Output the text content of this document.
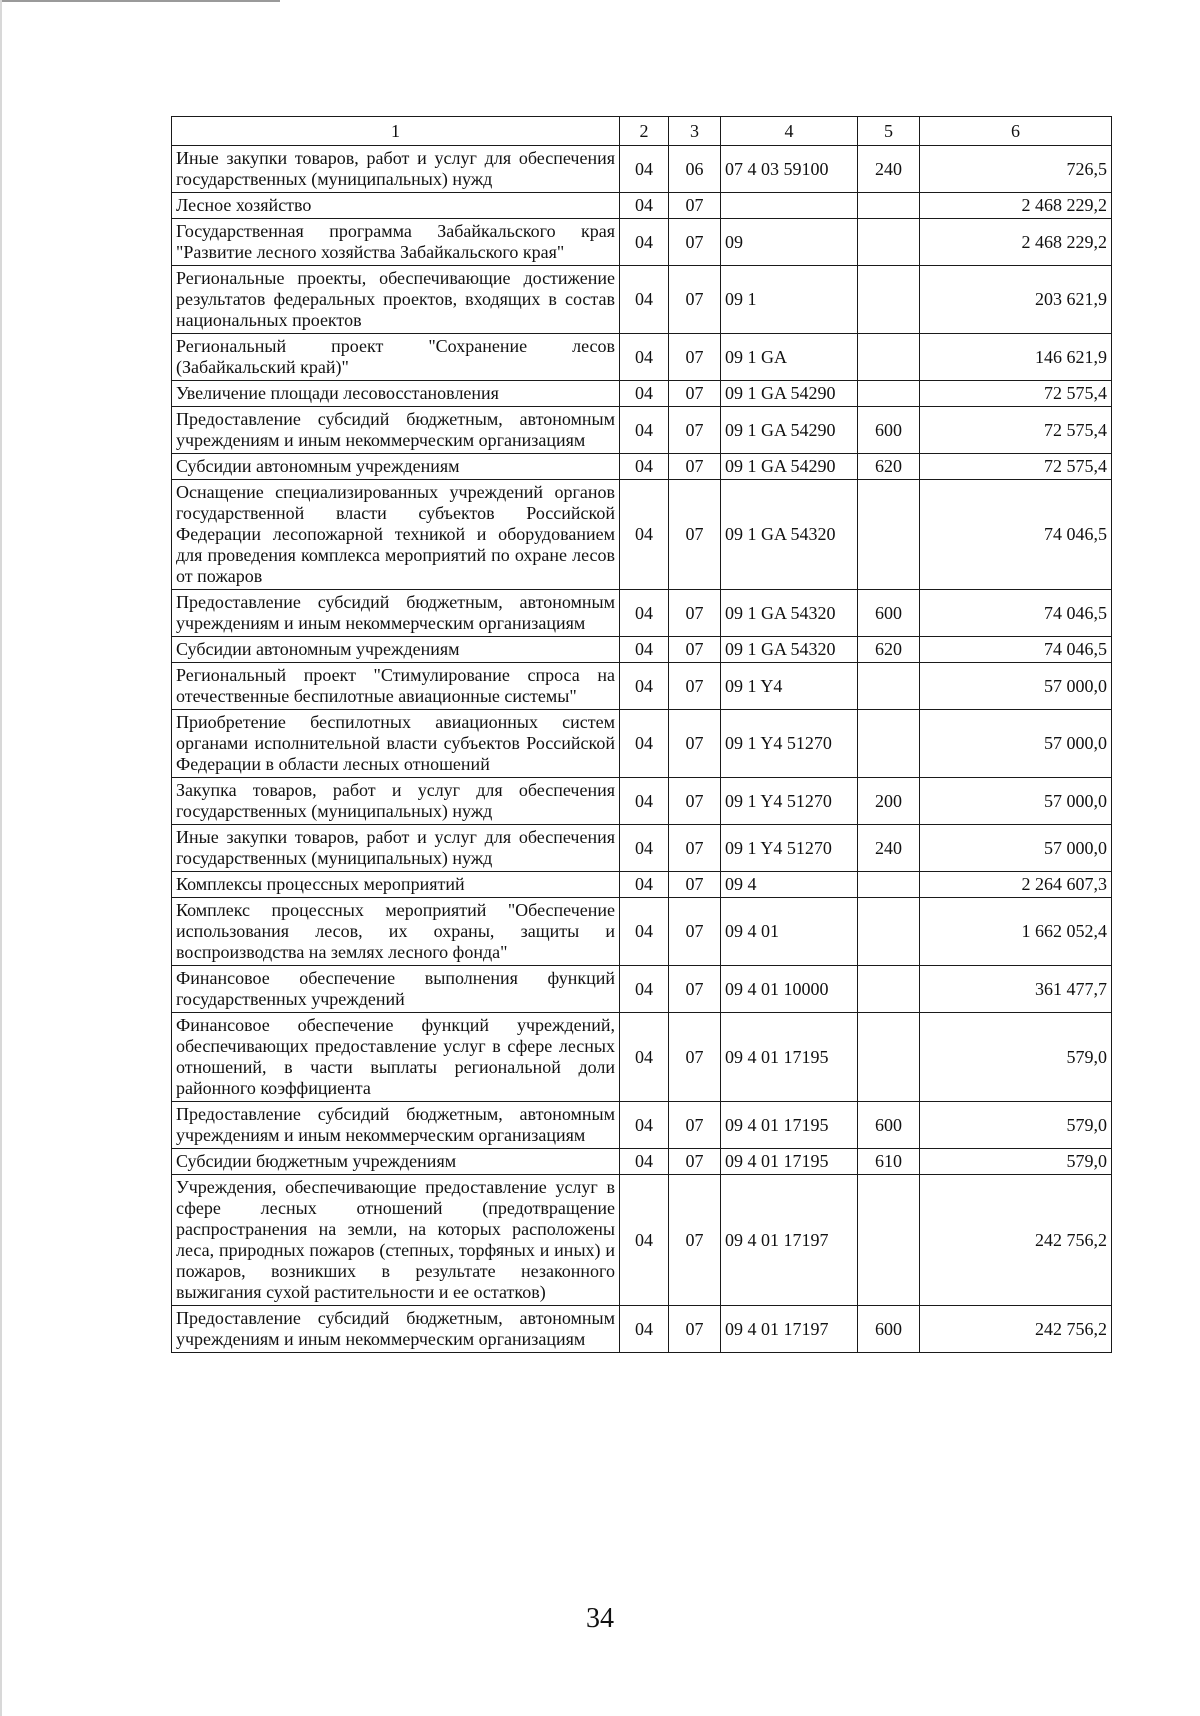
1	2	3	4	5	6
Иные закупки товаров, работ и услуг для обеспечения государственных (муниципальных) нужд	04	06	07 4 03 59100	240	726,5
Лесное хозяйство	04	07			2 468 229,2
Государственная программа Забайкальского края "Развитие лесного хозяйства Забайкальского края"	04	07	09		2 468 229,2
Региональные проекты, обеспечивающие достижение результатов федеральных проектов, входящих в состав национальных проектов	04	07	09 1		203 621,9
Региональный проект "Сохранение лесов (Забайкальский край)"	04	07	09 1 GA		146 621,9
Увеличение площади лесовосстановления	04	07	09 1 GA 54290		72 575,4
Предоставление субсидий бюджетным, автономным учреждениям и иным некоммерческим организациям	04	07	09 1 GA 54290	600	72 575,4
Субсидии автономным учреждениям	04	07	09 1 GA 54290	620	72 575,4
Оснащение специализированных учреждений органов государственной власти субъектов Российской Федерации лесопожарной техникой и оборудованием для проведения комплекса мероприятий по охране лесов от пожаров	04	07	09 1 GA 54320		74 046,5
Предоставление субсидий бюджетным, автономным учреждениям и иным некоммерческим организациям	04	07	09 1 GA 54320	600	74 046,5
Субсидии автономным учреждениям	04	07	09 1 GA 54320	620	74 046,5
Региональный проект "Стимулирование спроса на отечественные беспилотные авиационные системы"	04	07	09 1 Y4		57 000,0
Приобретение беспилотных авиационных систем органами исполнительной власти субъектов Российской Федерации в области лесных отношений	04	07	09 1 Y4 51270		57 000,0
Закупка товаров, работ и услуг для обеспечения государственных (муниципальных) нужд	04	07	09 1 Y4 51270	200	57 000,0
Иные закупки товаров, работ и услуг для обеспечения государственных (муниципальных) нужд	04	07	09 1 Y4 51270	240	57 000,0
Комплексы процессных мероприятий	04	07	09 4		2 264 607,3
Комплекс процессных мероприятий "Обеспечение использования лесов, их охраны, защиты и воспроизводства на землях лесного фонда"	04	07	09 4 01		1 662 052,4
Финансовое обеспечение выполнения функций государственных учреждений	04	07	09 4 01 10000		361 477,7
Финансовое обеспечение функций учреждений, обеспечивающих предоставление услуг в сфере лесных отношений, в части выплаты региональной доли районного коэффициента	04	07	09 4 01 17195		579,0
Предоставление субсидий бюджетным, автономным учреждениям и иным некоммерческим организациям	04	07	09 4 01 17195	600	579,0
Субсидии бюджетным учреждениям	04	07	09 4 01 17195	610	579,0
Учреждения, обеспечивающие предоставление услуг в сфере лесных отношений (предотвращение распространения на земли, на которых расположены леса, природных пожаров (степных, торфяных и иных) и пожаров, возникших в результате незаконного выжигания сухой растительности и ее остатков)	04	07	09 4 01 17197		242 756,2
Предоставление субсидий бюджетным, автономным учреждениям и иным некоммерческим организациям	04	07	09 4 01 17197	600	242 756,2
34
